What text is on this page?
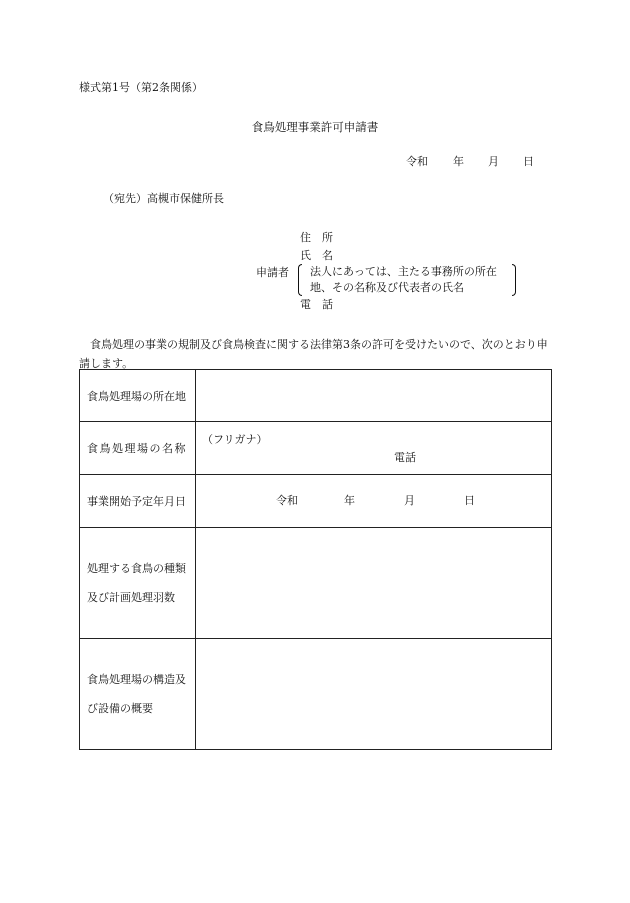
様式第1号（第2条関係）
食鳥処理事業許可申請書
令和 年 月 日
（宛先）高槻市保健所長
住　所
氏　名
申請者 法人にあっては、主たる事務所の所在
地、その名称及び代表者の氏名
電　話
食鳥処理の事業の規制及び食鳥検査に関する法律第3条の許可を受けたいので、次のとおり申請します。
食鳥処理場の所在地	
食鳥処理場の名称	（フリガナ）
電話

事業開始予定年月日	令和 年 月 日

処理する食鳥の種類
及び計画処理羽数	

食鳥処理場の構造及
び設備の概要	
